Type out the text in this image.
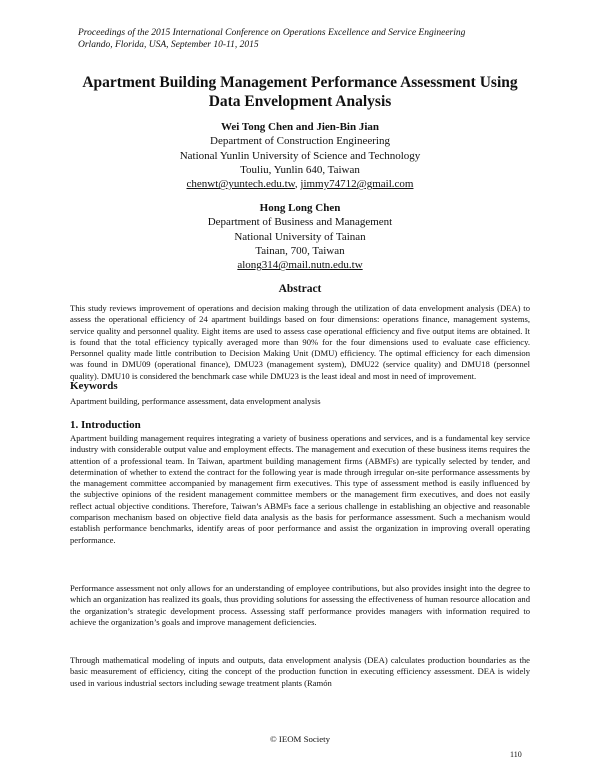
Proceedings of the 2015 International Conference on Operations Excellence and Service Engineering
Orlando, Florida, USA, September 10-11, 2015
Apartment Building Management Performance Assessment Using
Data Envelopment Analysis
Wei Tong Chen and Jien-Bin Jian
Department of Construction Engineering
National Yunlin University of Science and Technology
Touliu, Yunlin 640, Taiwan
chenwt@yuntech.edu.tw, jimmy74712@gmail.com
Hong Long Chen
Department of Business and Management
National University of Tainan
Tainan, 700, Taiwan
along314@mail.nutn.edu.tw
Abstract
This study reviews improvement of operations and decision making through the utilization of data envelopment analysis (DEA) to assess the operational efficiency of 24 apartment buildings based on four dimensions: operations finance, management systems, service quality and personnel quality. Eight items are used to assess case operational efficiency and five output items are obtained. It is found that the total efficiency typically averaged more than 90% for the four dimensions used to evaluate case efficiency. Personnel quality made little contribution to Decision Making Unit (DMU) efficiency. The optimal efficiency for each dimension was found in DMU09 (operational finance), DMU23 (management system), DMU22 (service quality) and DMU18 (personnel quality). DMU10 is considered the benchmark case while DMU23 is the least ideal and most in need of improvement.
Keywords
Apartment building, performance assessment, data envelopment analysis
1. Introduction
Apartment building management requires integrating a variety of business operations and services, and is a fundamental key service industry with considerable output value and employment effects. The management and execution of these business items requires the attention of a professional team. In Taiwan, apartment building management firms (ABMFs) are typically selected by tender, and determination of whether to extend the contract for the following year is made through irregular on-site performance assessments by the management committee accompanied by management firm executives. This type of assessment method is easily influenced by the subjective opinions of the resident management committee members or the management firm executives, and does not easily reflect actual objective conditions. Therefore, Taiwan’s ABMFs face a serious challenge in establishing an objective and reasonable comparison mechanism based on objective field data analysis as the basis for performance assessment. Such a mechanism would establish performance benchmarks, identify areas of poor performance and assist the organization in improving overall operating performance.
Performance assessment not only allows for an understanding of employee contributions, but also provides insight into the degree to which an organization has realized its goals, thus providing solutions for assessing the effectiveness of human resource allocation and the organization’s strategic development process. Assessing staff performance provides managers with information required to achieve the organization’s goals and improve management deficiencies.
Through mathematical modeling of inputs and outputs, data envelopment analysis (DEA) calculates production boundaries as the basic measurement of efficiency, citing the concept of the production function in executing efficiency assessment. DEA is widely used in various industrial sectors including sewage treatment plants (Ramón
© IEOM Society
110
